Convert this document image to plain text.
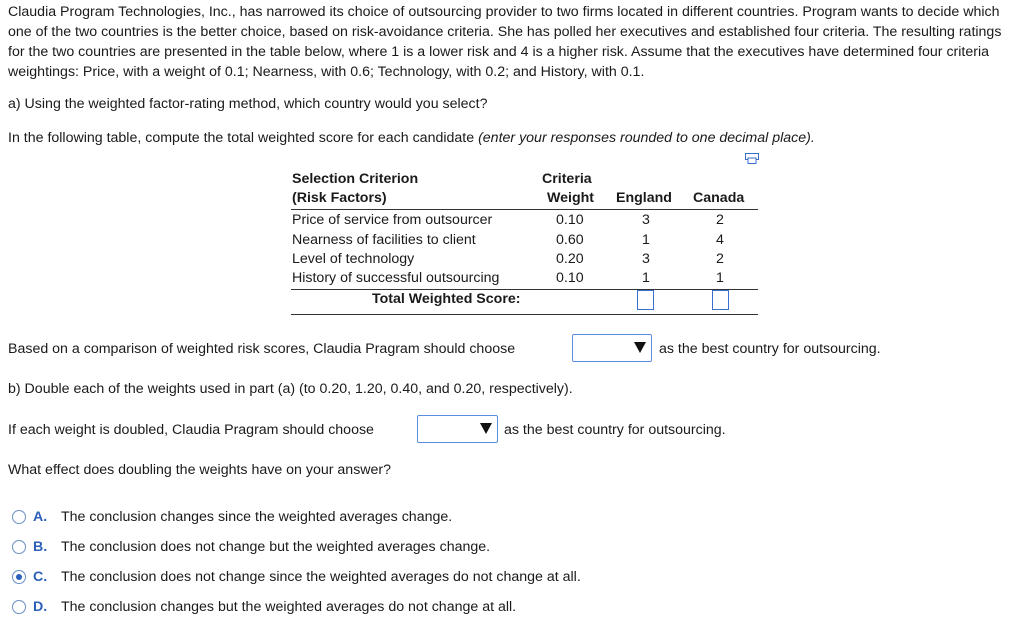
Claudia Program Technologies, Inc., has narrowed its choice of outsourcing provider to two firms located in different countries. Program wants to decide which one of the two countries is the better choice, based on risk-avoidance criteria. She has polled her executives and established four criteria. The resulting ratings for the two countries are presented in the table below, where 1 is a lower risk and 4 is a higher risk. Assume that the executives have determined four criteria weightings: Price, with a weight of 0.1; Nearness, with 0.6; Technology, with 0.2; and History, with 0.1.

a) Using the weighted factor-rating method, which country would you select?
In the following table, compute the total weighted score for each candidate (enter your responses rounded to one decimal place).
Selection Criterion
(Risk Factors)
Criteria
Weight England Canada
Price of service from outsourcer	0.10	3	2
Nearness of facilities to client	0.60	1	4
Level of technology	0.20	3	2
History of successful outsourcing	0.10	1	1
Total Weighted Score:
Based on a comparison of weighted risk scores, Claudia Pragram should choose	as the best country for outsourcing.
b) Double each of the weights used in part (a) (to 0.20, 1.20, 0.40, and 0.20, respectively).
If each weight is doubled, Claudia Pragram should choose	as the best country for outsourcing.
What effect does doubling the weights have on your answer?
A. The conclusion changes since the weighted averages change.
B. The conclusion does not change but the weighted averages change.
C. The conclusion does not change since the weighted averages do not change at all.
D. The conclusion changes but the weighted averages do not change at all.
